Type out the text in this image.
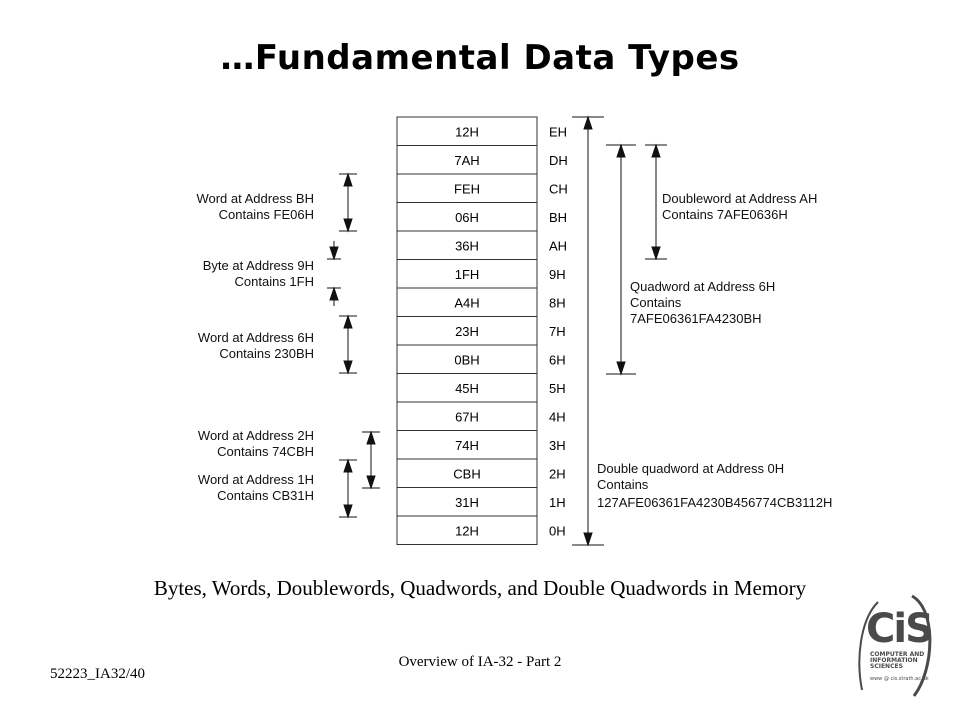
…Fundamental Data Types
12H	EH
7AH	DH
FEH	CH
06H	BH
36H	AH
1FH	9H
A4H	8H
23H	7H
0BH	6H
45H	5H
67H	4H
74H	3H
CBH	2H
31H	1H
12H	0H
Word at Address BH
Contains FE06H
Byte at Address 9H
Contains 1FH
Word at Address 6H
Contains 230BH
Word at Address 2H
Contains 74CBH
Word at Address 1H
Contains CB31H
Doubleword at Address AH
Contains 7AFE0636H
Quadword at Address 6H
Contains
7AFE06361FA4230BH
Double quadword at Address 0H
Contains
127AFE06361FA4230B456774CB3112H
Bytes, Words, Doublewords, Quadwords, and Double Quadwords in Memory
52223_IA32/40
Overview of IA-32 - Part 2
CiS
COMPUTER AND INFORMATION SCIENCES
www @ cis.strath.ac.uk
